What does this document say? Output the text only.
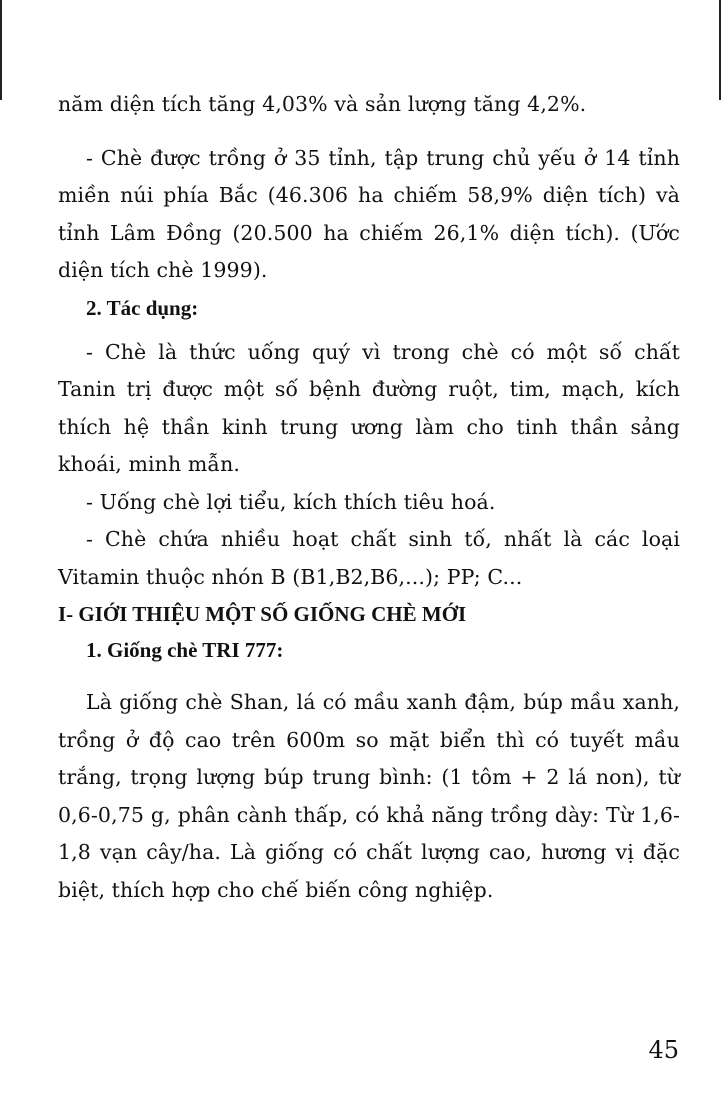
năm diện tích tăng 4,03% và sản lượng tăng 4,2%.

- Chè được trồng ở 35 tỉnh, tập trung chủ yếu ở 14 tỉnh miền núi phía Bắc (46.306 ha chiếm 58,9% diện tích) và tỉnh Lâm Đồng (20.500 ha chiếm 26,1% diện tích). (Ước diện tích chè 1999).

2. Tác dụng:

- Chè là thức uống quý vì trong chè có một số chất Tanin trị được một số bệnh đường ruột, tim, mạch, kích thích hệ thần kinh trung ương làm cho tinh thần sảng khoái, minh mẫn.

- Uống chè lợi tiểu, kích thích tiêu hoá.

- Chè chứa nhiều hoạt chất sinh tố, nhất là các loại Vitamin thuộc nhón B (B1,B2,B6,...); PP; C...

I- GIỚI THIỆU MỘT SỐ GIỐNG CHÈ MỚI

1. Giống chè TRI 777:

Là giống chè Shan, lá có mầu xanh đậm, búp mầu xanh, trồng ở độ cao trên 600m so mặt biển thì có tuyết mầu trắng, trọng lượng búp trung bình: (1 tôm + 2 lá non), từ 0,6-0,75 g, phân cành thấp, có khả năng trồng dày: Từ 1,6-1,8 vạn cây/ha. Là giống có chất lượng cao, hương vị đặc biệt, thích hợp cho chế biến công nghiệp.

45
